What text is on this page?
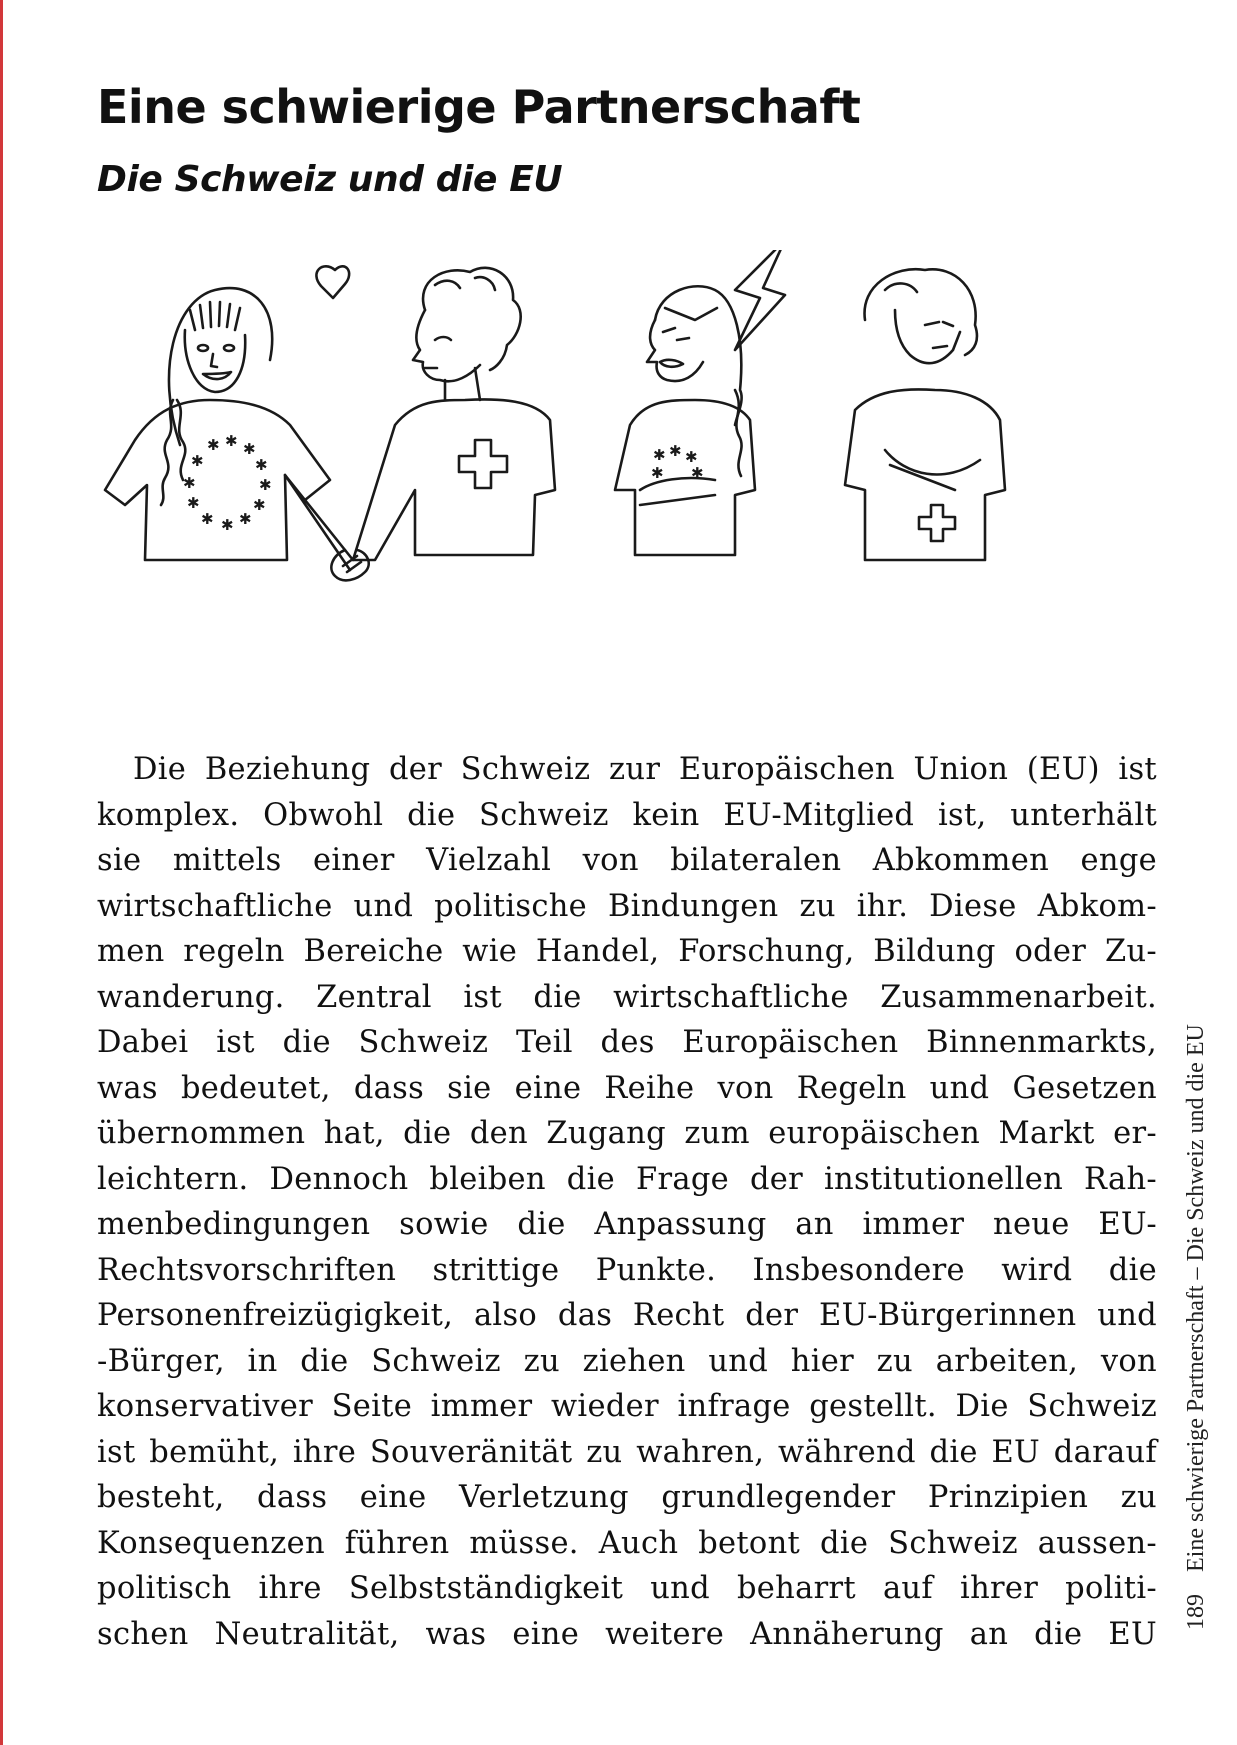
Eine schwierige Partnerschaft
Die Schweiz und die EU
✱ ✱ ✱
✱
✱
✱
✱
✱
✱
✱
✱
✱	✱ ✱ ✱
✱ ✱
Die Beziehung der Schweiz zur Europäischen Union (EU) ist
komplex. Obwohl die Schweiz kein EU-Mitglied ist, unterhält
sie mittels einer Vielzahl von bilateralen Abkommen enge
wirtschaftliche und politische Bindungen zu ihr. Diese Abkom-
men regeln Bereiche wie Handel, Forschung, Bildung oder Zu-
wanderung. Zentral ist die wirtschaftliche Zusammenarbeit.
Dabei ist die Schweiz Teil des Europäischen Binnenmarkts,
was bedeutet, dass sie eine Reihe von Regeln und Gesetzen
übernommen hat, die den Zugang zum europäischen Markt er-
leichtern. Dennoch bleiben die Frage der institutionellen Rah-
menbedingungen sowie die Anpassung an immer neue EU-
Rechtsvorschriften strittige Punkte. Insbesondere wird die
Personenfreizügigkeit, also das Recht der EU-Bürgerinnen und
-Bürger, in die Schweiz zu ziehen und hier zu arbeiten, von
konservativer Seite immer wieder infrage gestellt. Die Schweiz
ist bemüht, ihre Souveränität zu wahren, während die EU darauf
besteht, dass eine Verletzung grundlegender Prinzipien zu
Konsequenzen führen müsse. Auch betont die Schweiz aussen-
politisch ihre Selbstständigkeit und beharrt auf ihrer politi-
schen Neutralität, was eine weitere Annäherung an die EU
189 Eine schwierige Partnerschaft – Die Schweiz und die EU
